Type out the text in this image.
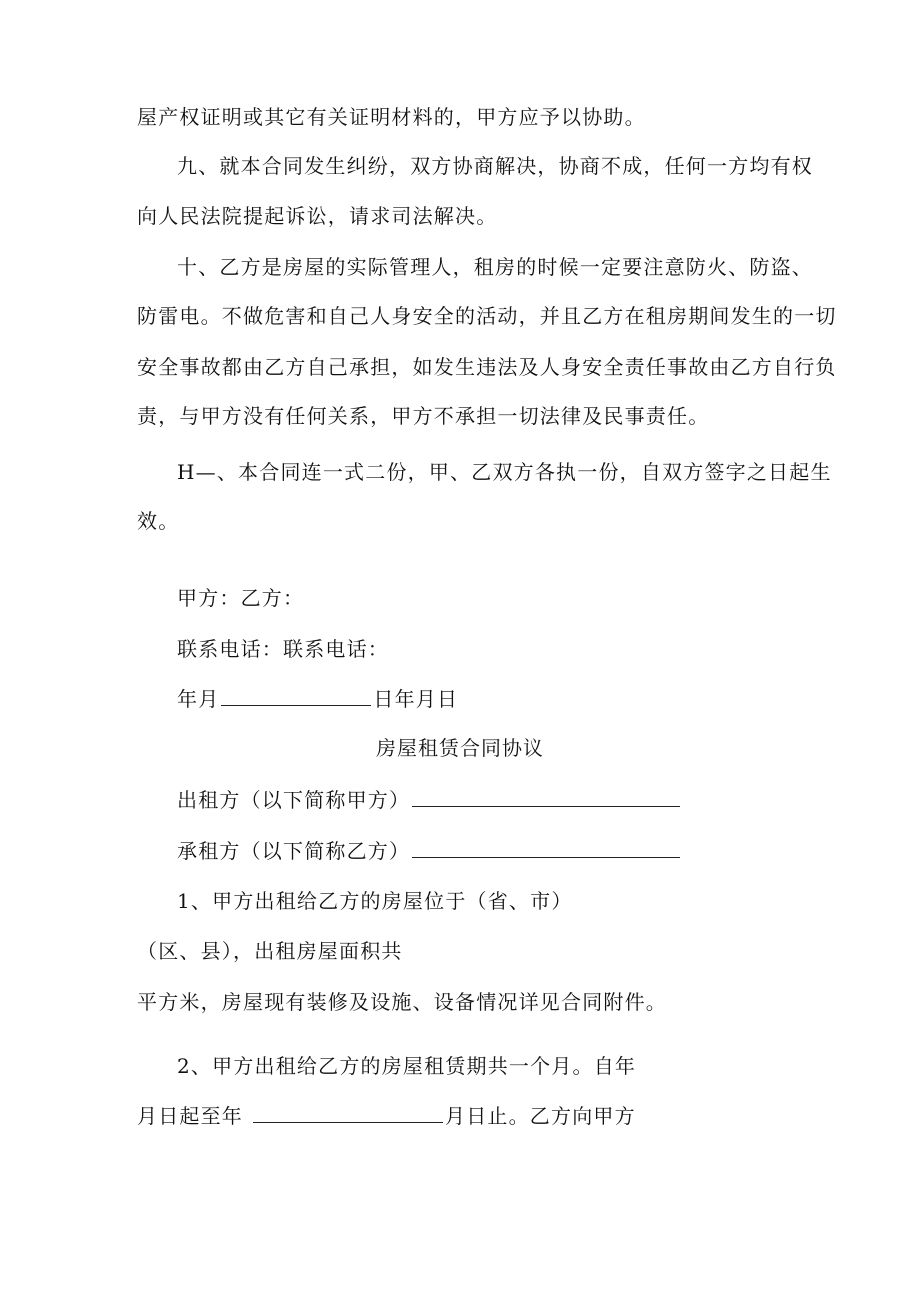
屋产权证明或其它有关证明材料的，甲方应予以协助。
九、就本合同发生纠纷，双方协商解决，协商不成，任何一方均有权
向人民法院提起诉讼，请求司法解决。
十、乙方是房屋的实际管理人，租房的时候一定要注意防火、防盗、
防雷电。不做危害和自己人身安全的活动，并且乙方在租房期间发生的一切
安全事故都由乙方自己承担，如发生违法及人身安全责任事故由乙方自行负
责，与甲方没有任何关系，甲方不承担一切法律及民事责任。
H—、本合同连一式二份，甲、乙双方各执一份，自双方签字之日起生
效。
甲方：乙方：
联系电话：联系电话：
年月	日年月日
房屋租赁合同协议
出租方（以下简称甲方）
承租方（以下简称乙方）
1、甲方出租给乙方的房屋位于（省、市）
（区、县），出租房屋面积共
平方米，房屋现有装修及设施、设备情况详见合同附件。
2、甲方出租给乙方的房屋租赁期共一个月。自年
月日起至年	月日止。乙方向甲方
